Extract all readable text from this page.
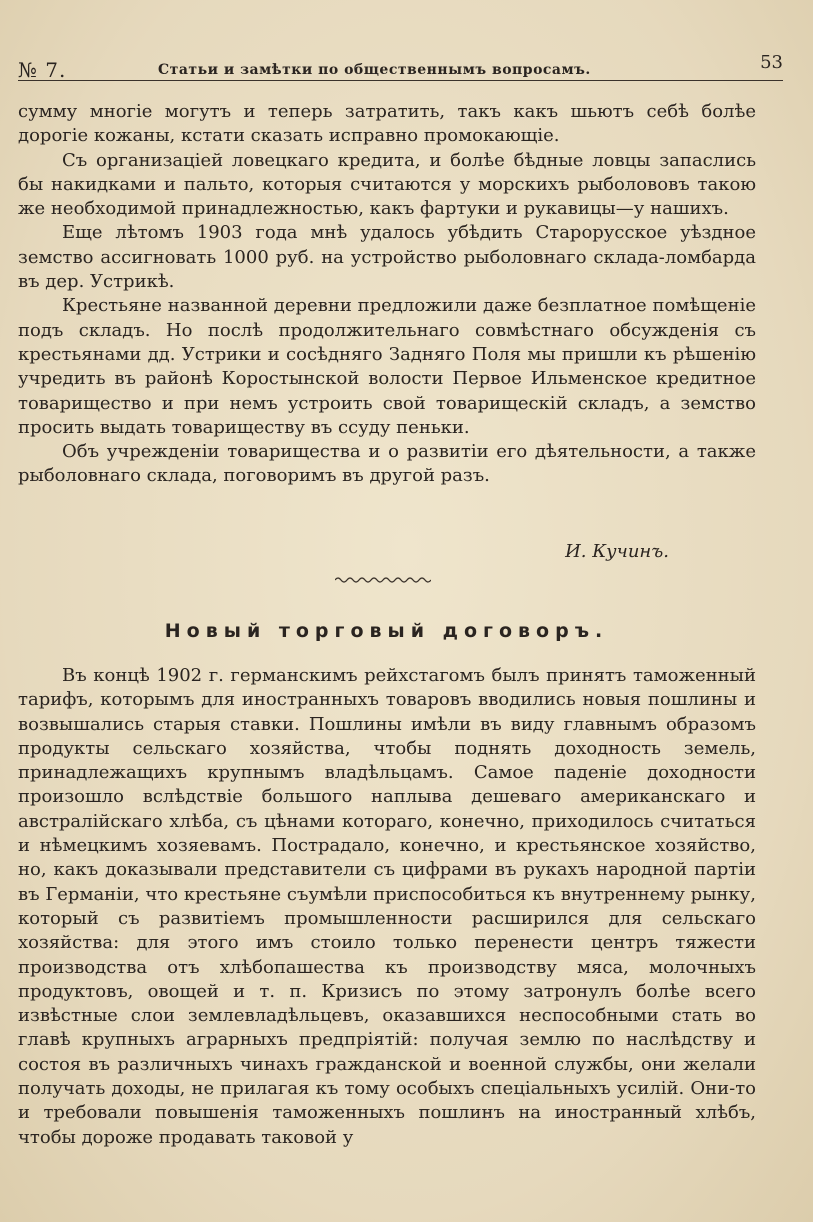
№ 7.	Статьи и замѣтки по общественнымъ вопросамъ.	53

сумму многіе могутъ и теперь затратить, такъ какъ шьютъ себѣ болѣе дорогіе кожаны, кстати сказать исправно промокающіе.

Съ организаціей ловецкаго кредита, и болѣе бѣдные ловцы запаслись бы накидками и пальто, которыя считаются у морскихъ рыболововъ такою же необходимой принадлежностью, какъ фартуки и рукавицы—у нашихъ.

Еще лѣтомъ 1903 года мнѣ удалось убѣдить Старорусское уѣздное земство ассигновать 1000 руб. на устройство рыболовнаго склада-ломбарда въ дер. Устрикѣ.

Крестьяне названной деревни предложили даже безплатное помѣщеніе подъ складъ. Но послѣ продолжительнаго совмѣстнаго обсужденія съ крестьянами дд. Устрики и сосѣдняго Задняго Поля мы пришли къ рѣшенію учредить въ районѣ Коростынской волости Первое Ильменское кредитное товарищество и при немъ устроить свой товарищескій складъ, а земство просить выдать товариществу въ ссуду пеньки.

Объ учрежденіи товарищества и о развитіи его дѣятельности, а также рыболовнаго склада, поговоримъ въ другой разъ.

И. Кучинъ.
Новый торговый договоръ.

Въ концѣ 1902 г. германскимъ рейхстагомъ былъ принятъ таможенный тарифъ, которымъ для иностранныхъ товаровъ вводились новыя пошлины и возвышались старыя ставки. Пошлины имѣли въ виду главнымъ образомъ продукты сельскаго хозяйства, чтобы поднять доходность земель, принадлежащихъ крупнымъ владѣльцамъ. Самое паденіе доходности произошло вслѣдствіе большого наплыва дешеваго американскаго и австралійскаго хлѣба, съ цѣнами котораго, конечно, приходилось считаться и нѣмецкимъ хозяевамъ. Пострадало, конечно, и крестьянское хозяйство, но, какъ доказывали представители съ цифрами въ рукахъ народной партіи въ Германіи, что крестьяне съумѣли приспособиться къ внутреннему рынку, который съ развитіемъ промышленности расширился для сельскаго хозяйства: для этого имъ стоило только перенести центръ тяжести производства отъ хлѣбопашества къ производству мяса, молочныхъ продуктовъ, овощей и т. п. Кризисъ по этому затронулъ болѣе всего извѣстные слои землевладѣльцевъ, оказавшихся неспособными стать во главѣ крупныхъ аграрныхъ предпріятій: получая землю по наслѣдству и состоя въ различныхъ чинахъ гражданской и военной службы, они желали получать доходы, не прилагая къ тому особыхъ спеціальныхъ усилій. Они-то и требовали повышенія таможенныхъ пошлинъ на иностранный хлѣбъ, чтобы дороже продавать таковой у
